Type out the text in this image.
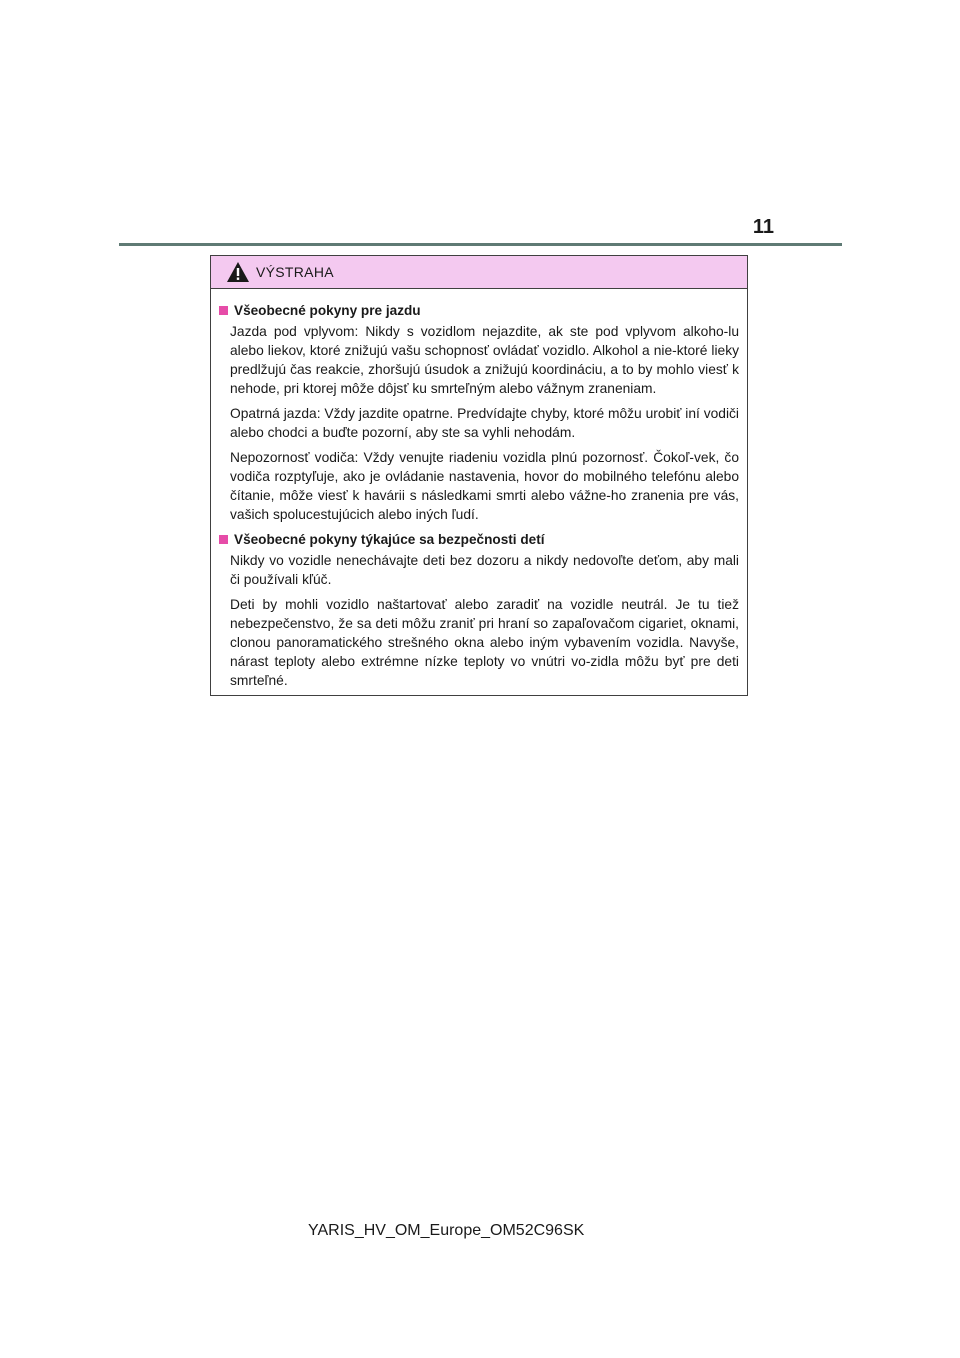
11
VÝSTRAHA
Všeobecné pokyny pre jazdu

Jazda pod vplyvom: Nikdy s vozidlom nejazdite, ak ste pod vplyvom alkoho-lu alebo liekov, ktoré znižujú vašu schopnosť ovládať vozidlo. Alkohol a nie-ktoré lieky predlžujú čas reakcie, zhoršujú úsudok a znižujú koordináciu, a to by mohlo viesť k nehode, pri ktorej môže dôjsť ku smrteľným alebo vážnym zraneniam.

Opatrná jazda: Vždy jazdite opatrne. Predvídajte chyby, ktoré môžu urobiť iní vodiči alebo chodci a buďte pozorní, aby ste sa vyhli nehodám.

Nepozornosť vodiča: Vždy venujte riadeniu vozidla plnú pozornosť. Čokoľ-vek, čo vodiča rozptyľuje, ako je ovládanie nastavenia, hovor do mobilného telefónu alebo čítanie, môže viesť k havárii s následkami smrti alebo vážne-ho zranenia pre vás, vašich spolucestujúcich alebo iných ľudí.

Všeobecné pokyny týkajúce sa bezpečnosti detí

Nikdy vo vozidle nenechávajte deti bez dozoru a nikdy nedovoľte deťom, aby mali či používali kľúč.

Deti by mohli vozidlo naštartovať alebo zaradiť na vozidle neutrál. Je tu tiež nebezpečenstvo, že sa deti môžu zraniť pri hraní so zapaľovačom cigariet, oknami, clonou panoramatického strešného okna alebo iným vybavením vozidla. Navyše, nárast teploty alebo extrémne nízke teploty vo vnútri vo-zidla môžu byť pre deti smrteľné.

YARIS_HV_OM_Europe_OM52C96SK
